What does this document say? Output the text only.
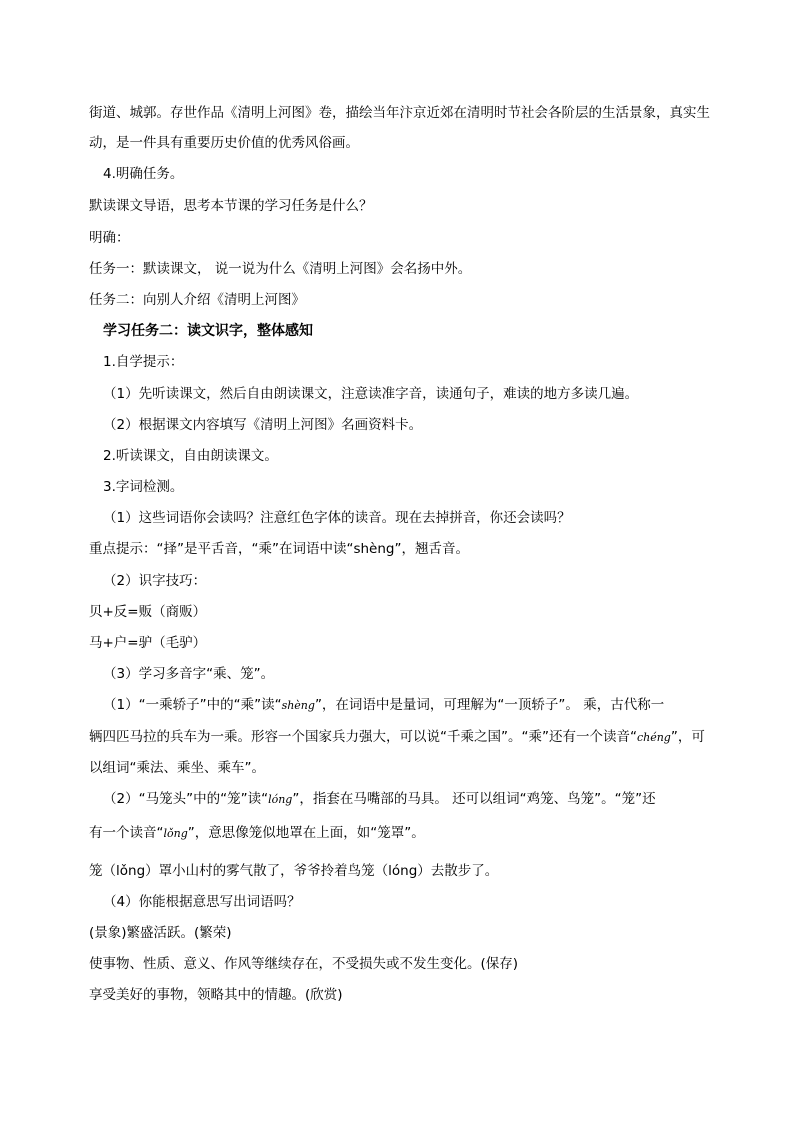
街道、城郭。存世作品《清明上河图》卷，描绘当年汴京近郊在清明时节社会各阶层的生活景象，真实生
动，是一件具有重要历史价值的优秀风俗画。
4.明确任务。
默读课文导语，思考本节课的学习任务是什么？
明确：
任务一：默读课文， 说一说为什么《清明上河图》会名扬中外。
任务二：向别人介绍《清明上河图》
学习任务二：读文识字，整体感知
1.自学提示：
（1）先听读课文，然后自由朗读课文，注意读准字音，读通句子，难读的地方多读几遍。
（2）根据课文内容填写《清明上河图》名画资料卡。
2.听读课文，自由朗读课文。
3.字词检测。
（1）这些词语你会读吗？注意红色字体的读音。现在去掉拼音，你还会读吗？
重点提示：“择”是平舌音，“乘”在词语中读“shèng”，翘舌音。
（2）识字技巧：
贝+反=贩（商贩）
马+户=驴（毛驴）
（3）学习多音字“乘、笼”。
（1）“一乘轿子”中的“乘”读“shèng”，在词语中是量词，可理解为“一顶轿子”。 乘，古代称一
辆四匹马拉的兵车为一乘。形容一个国家兵力强大，可以说“千乘之国”。“乘”还有一个读音“chéng”，可
以组词“乘法、乘坐、乘车”。
（2）“马笼头”中的“笼”读“lóng”，指套在马嘴部的马具。 还可以组词“鸡笼、鸟笼”。“笼”还
有一个读音“lǒng”，意思像笼似地罩在上面，如“笼罩”。
笼（lǒng）罩小山村的雾气散了，爷爷拎着鸟笼（lóng）去散步了。
（4）你能根据意思写出词语吗？
(景象)繁盛活跃。(繁荣)
使事物、性质、意义、作风等继续存在，不受损失或不发生变化。(保存)
享受美好的事物，领略其中的情趣。(欣赏)
